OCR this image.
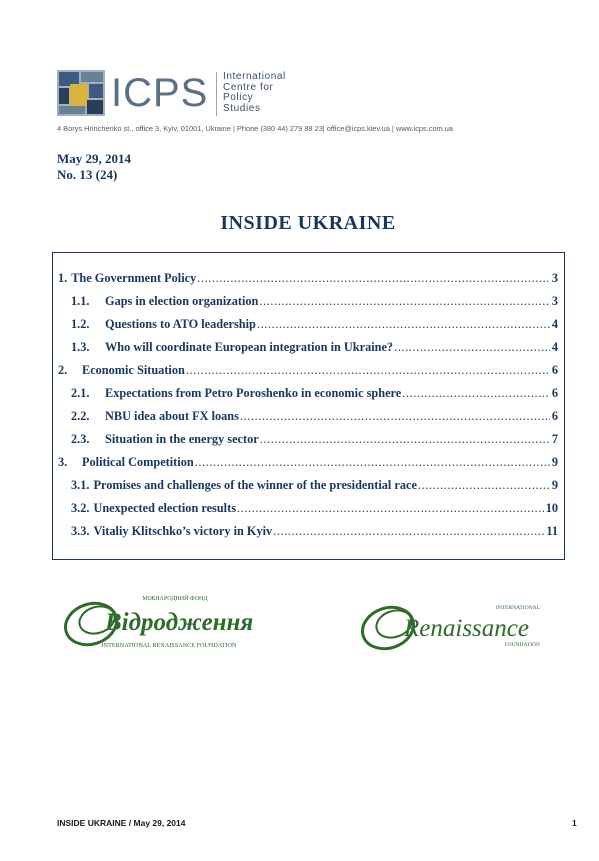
ICPS International
Centre for
Policy
Studies
4 Borys Hrinchenko st., office 3, Kyiv, 01001, Ukraine | Phone (380 44) 279 88 23| office@icps.kiev.ua | www.icps.com.ua
May 29, 2014
No. 13 (24)
INSIDE UKRAINE
1. The Government Policy .....	3
1.1.	Gaps in election organization .....	3
1.2.	Questions to ATO leadership .....	4
1.3.	Who will coordinate European integration in Ukraine? .....	4
2.	Economic Situation .....	6
2.1.	Expectations from Petro Poroshenko in economic sphere .....	6
2.2.	NBU idea about FX loans .....	6
2.3.	Situation in the energy sector .....	7
3.	Political Competition .....	9
3.1. Promises and challenges of the winner of the presidential race .....	9
3.2. Unexpected election results .....	10
3.3. Vitaliy Klitschko’s victory in Kyiv .....	11
МІЖНАРОДНИЙ ФОНД
Відродження
INTERNATIONAL RENAISSANCE FOUNDATION
INTERNATIONAL
Renaissance
FOUNDATION
INSIDE UKRAINE / May 29, 2014	1
